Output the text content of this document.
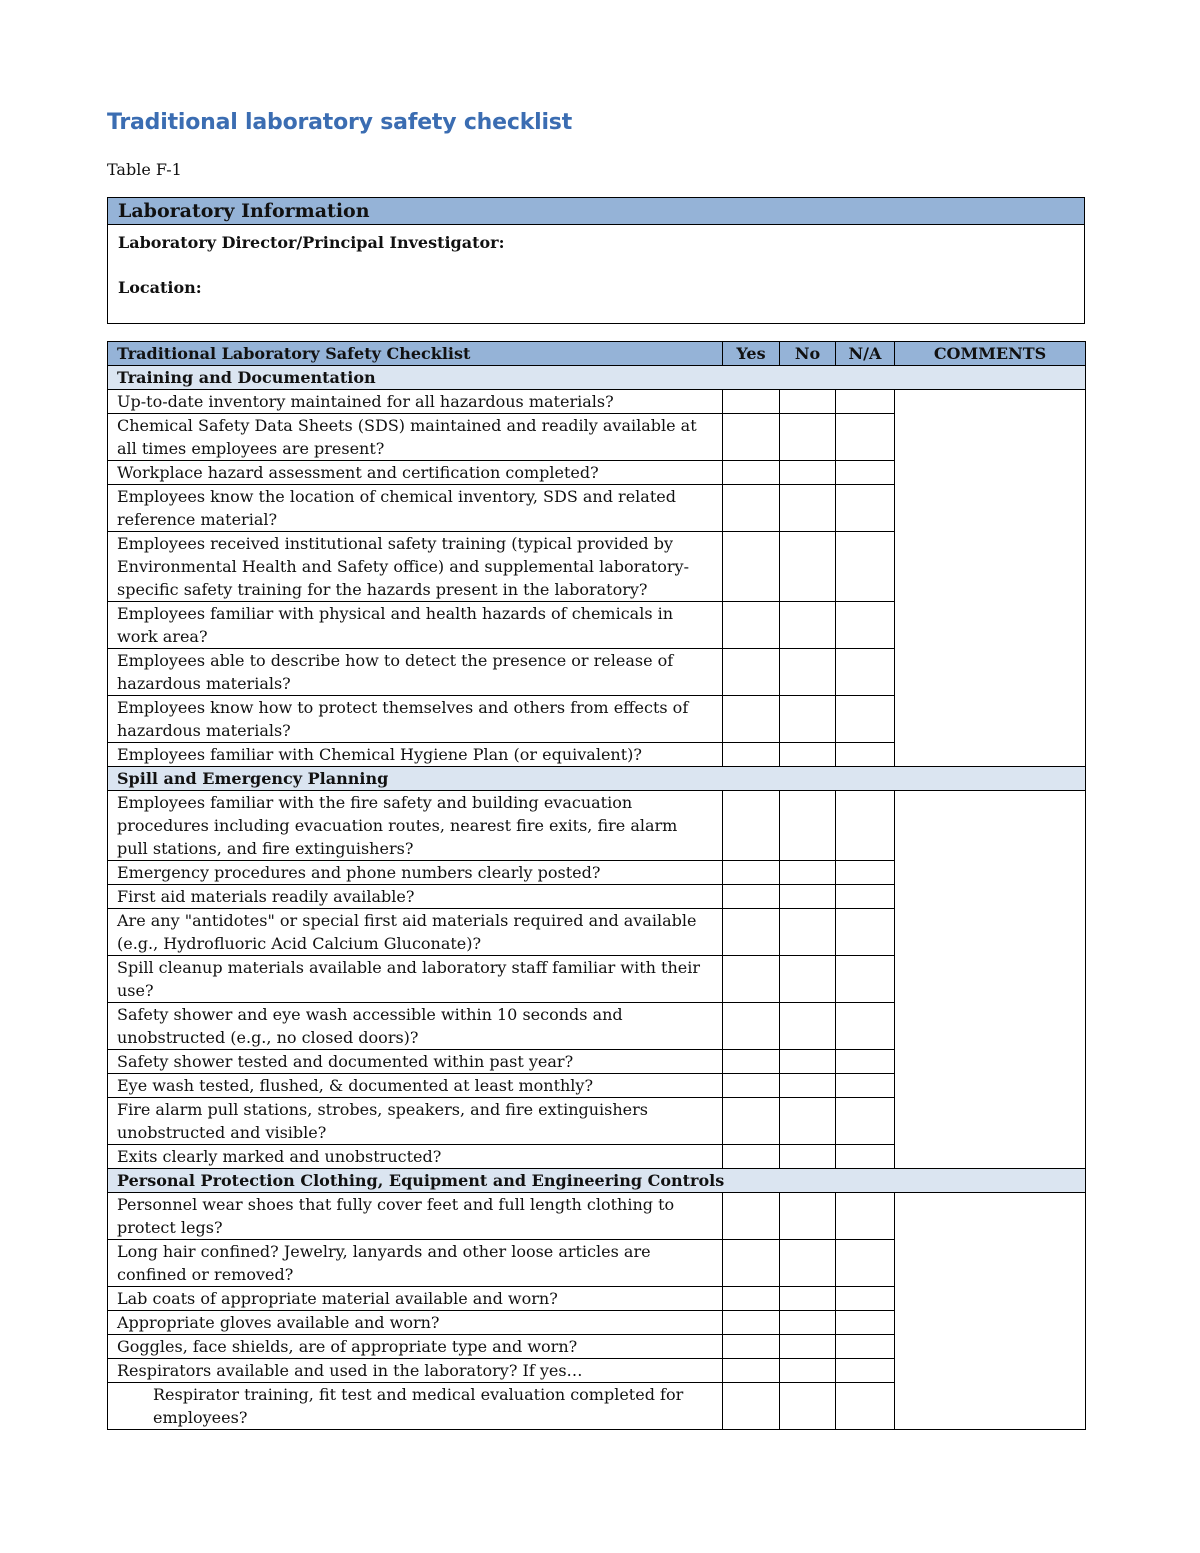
Traditional laboratory safety checklist
Table F-1
Laboratory Information

Laboratory Director/Principal Investigator:
Location:
Traditional Laboratory Safety Checklist	Yes	No	N/A	COMMENTS
Training and Documentation				
Up-to-date inventory maintained for all hazardous materials?				
Chemical Safety Data Sheets (SDS) maintained and readily available at all times employees are present?				
Workplace hazard assessment and certification completed?				
Employees know the location of chemical inventory, SDS and related reference material?				
Employees received institutional safety training (typical provided by Environmental Health and Safety office) and supplemental laboratory-specific safety training for the hazards present in the laboratory?				
Employees familiar with physical and health hazards of chemicals in work area?				
Employees able to describe how to detect the presence or release of hazardous materials?				
Employees know how to protect themselves and others from effects of hazardous materials?				
Employees familiar with Chemical Hygiene Plan (or equivalent)?				
Spill and Emergency Planning				
Employees familiar with the fire safety and building evacuation procedures including evacuation routes, nearest fire exits, fire alarm pull stations, and fire extinguishers?				
Emergency procedures and phone numbers clearly posted?				
First aid materials readily available?				
Are any "antidotes" or special first aid materials required and available (e.g., Hydrofluoric Acid Calcium Gluconate)?				
Spill cleanup materials available and laboratory staff familiar with their use?				
Safety shower and eye wash accessible within 10 seconds and unobstructed (e.g., no closed doors)?				
Safety shower tested and documented within past year?				
Eye wash tested, flushed, & documented at least monthly?				
Fire alarm pull stations, strobes, speakers, and fire extinguishers unobstructed and visible?				
Exits clearly marked and unobstructed?				
Personal Protection Clothing, Equipment and Engineering Controls				
Personnel wear shoes that fully cover feet and full length clothing to protect legs?				
Long hair confined? Jewelry, lanyards and other loose articles are confined or removed?				
Lab coats of appropriate material available and worn?				
Appropriate gloves available and worn?				
Goggles, face shields, are of appropriate type and worn?				
Respirators available and used in the laboratory? If yes…				
Respirator training, fit test and medical evaluation completed for employees?				
